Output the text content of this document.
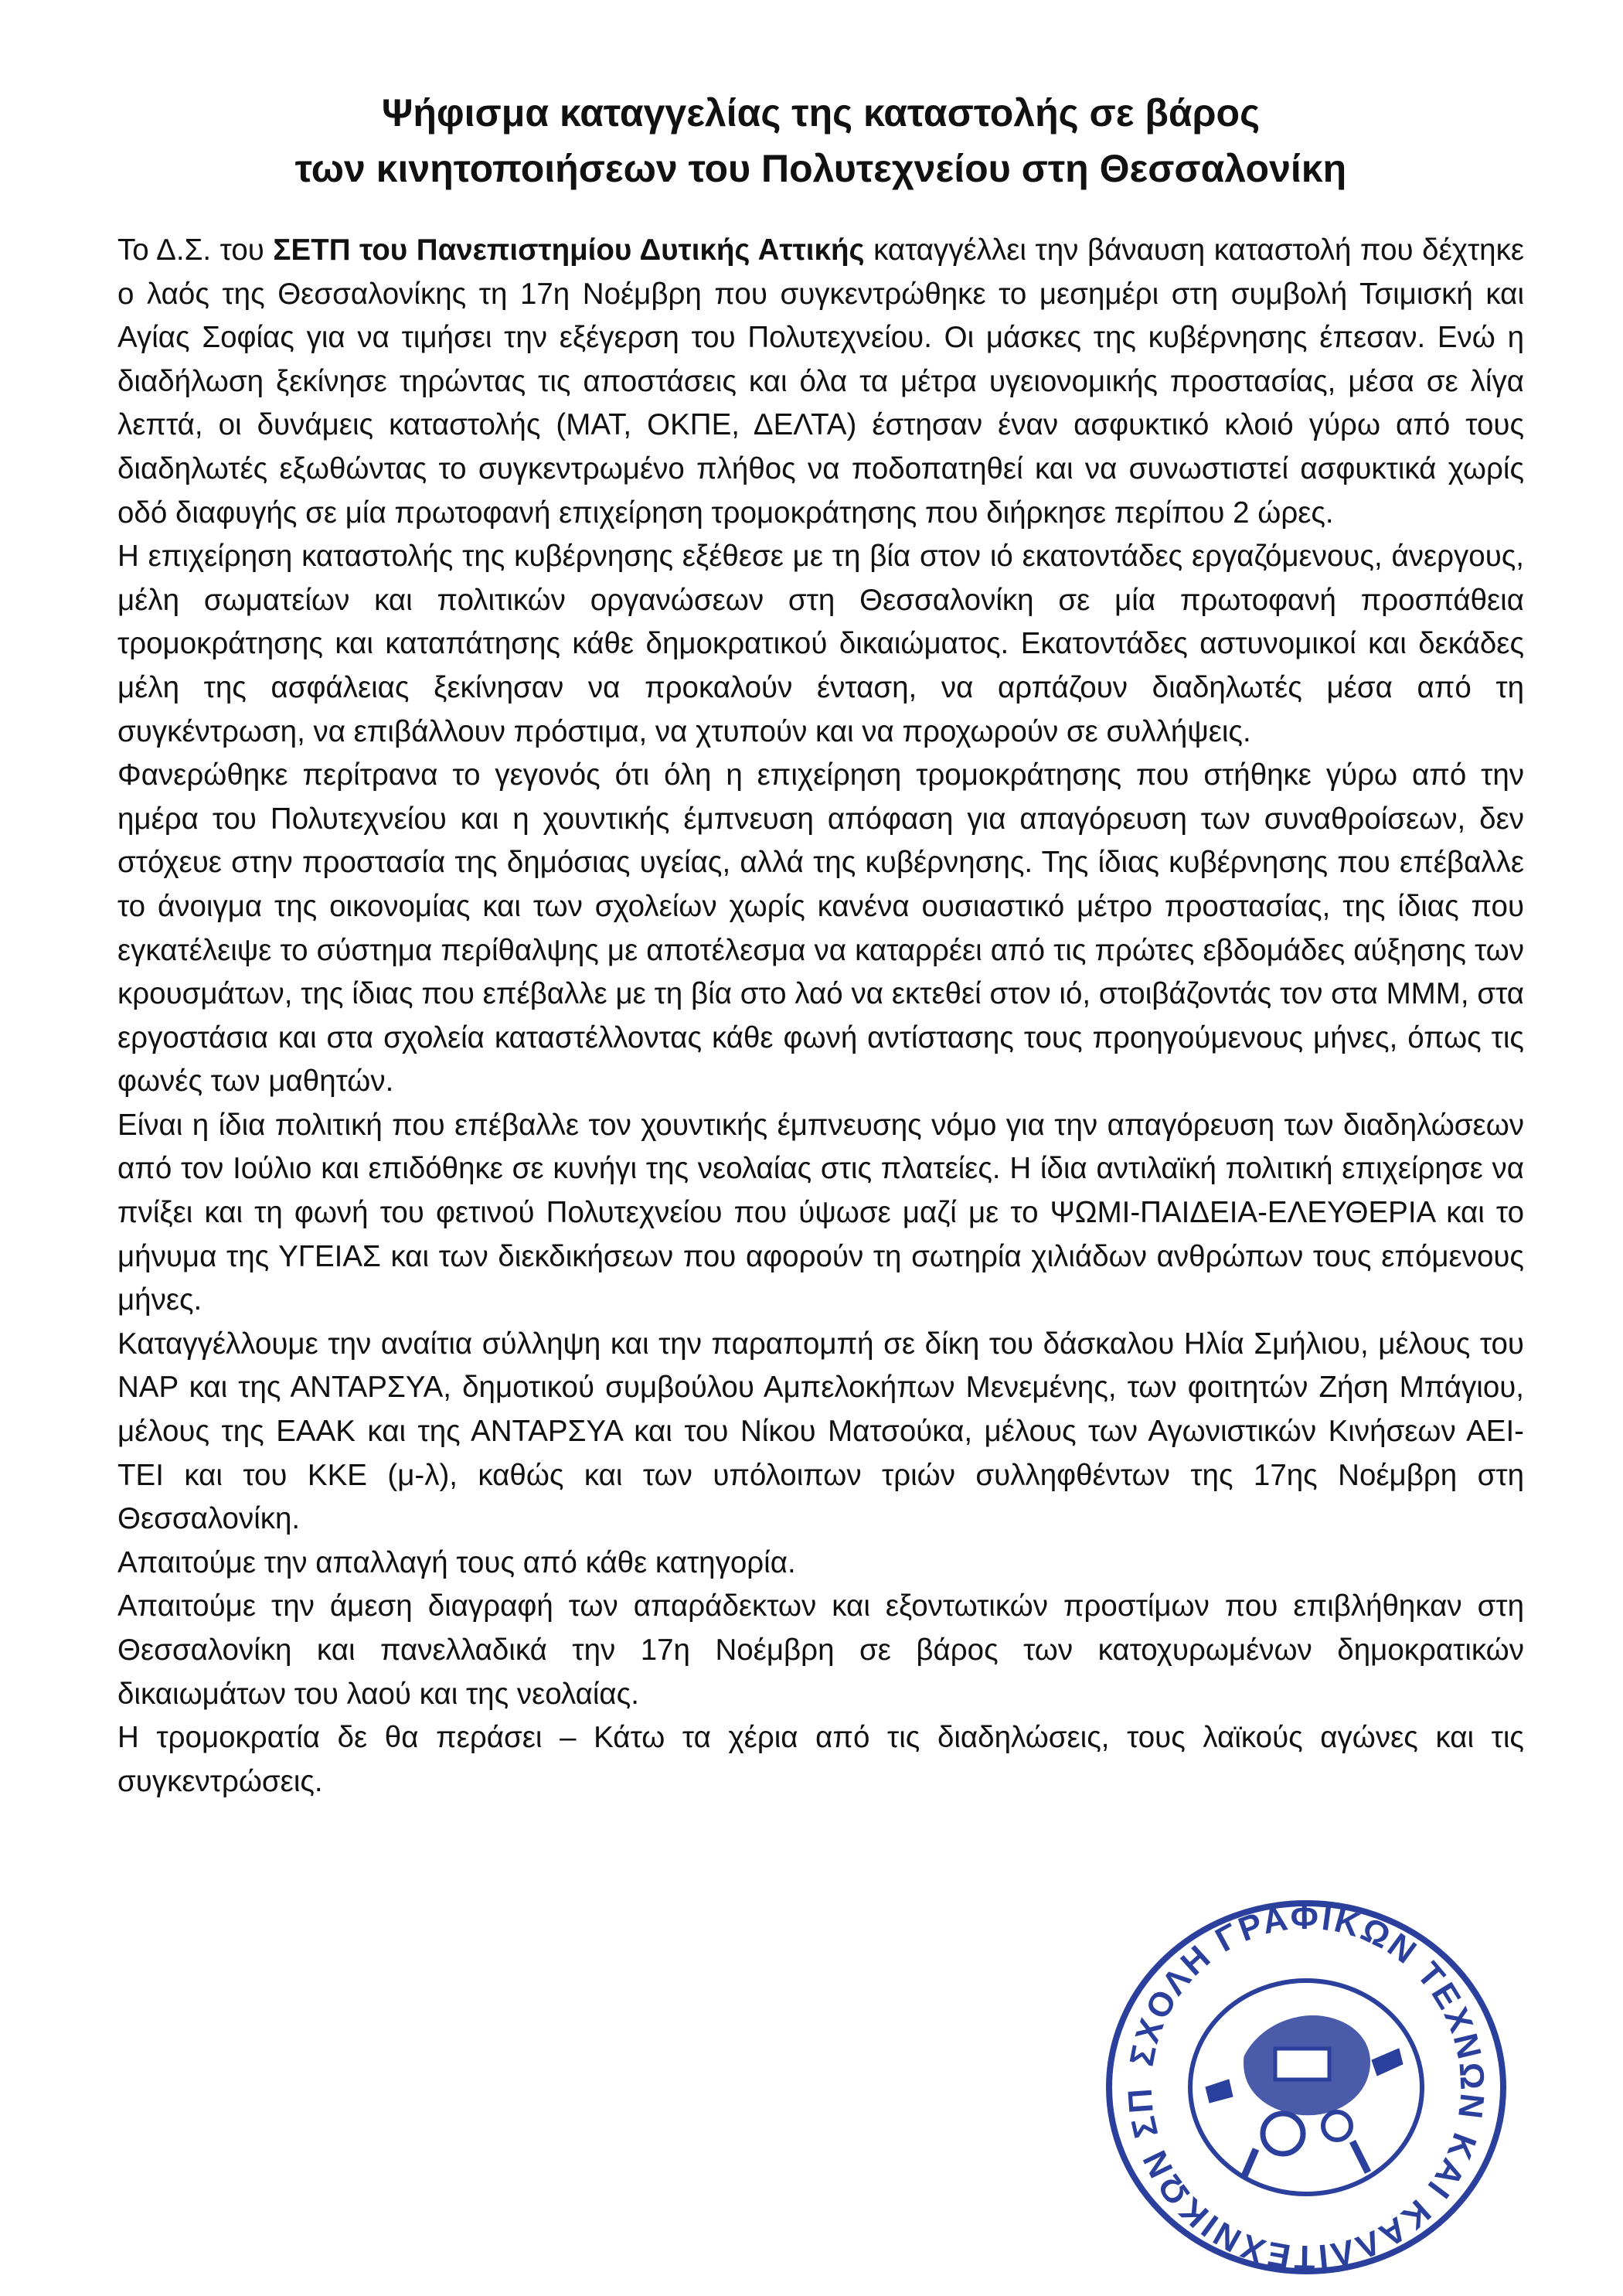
Ψήφισμα καταγγελίας της καταστολής σε βάρος
των κινητοποιήσεων του Πολυτεχνείου στη Θεσσαλονίκη

Το Δ.Σ. του ΣΕΤΠ του Πανεπιστημίου Δυτικής Αττικής καταγγέλλει την βάναυση καταστολή που δέχτηκε ο λαός της Θεσσαλονίκης τη 17η Νοέμβρη που συγκεντρώθηκε το μεσημέρι στη συμβολή Τσιμισκή και Αγίας Σοφίας για να τιμήσει την εξέγερση του Πολυτεχνείου. Οι μάσκες της κυβέρνησης έπεσαν. Ενώ η διαδήλωση ξεκίνησε τηρώντας τις αποστάσεις και όλα τα μέτρα υγειονομικής προστασίας, μέσα σε λίγα λεπτά, οι δυνάμεις καταστολής (ΜΑΤ, ΟΚΠΕ, ΔΕΛΤΑ) έστησαν έναν ασφυκτικό κλοιό γύρω από τους διαδηλωτές εξωθώντας το συγκεντρωμένο πλήθος να ποδοπατηθεί και να συνωστιστεί ασφυκτικά χωρίς οδό διαφυγής σε μία πρωτοφανή επιχείρηση τρομοκράτησης που διήρκησε περίπου 2 ώρες.

Η επιχείρηση καταστολής της κυβέρνησης εξέθεσε με τη βία στον ιό εκατοντάδες εργαζόμενους, άνεργους, μέλη σωματείων και πολιτικών οργανώσεων στη Θεσσαλονίκη σε μία πρωτοφανή προσπάθεια τρομοκράτησης και καταπάτησης κάθε δημοκρατικού δικαιώματος. Εκατοντάδες αστυνομικοί και δεκάδες μέλη της ασφάλειας ξεκίνησαν να προκαλούν ένταση, να αρπάζουν διαδηλωτές μέσα από τη συγκέντρωση, να επιβάλλουν πρόστιμα, να χτυπούν και να προχωρούν σε συλλήψεις.

Φανερώθηκε περίτρανα το γεγονός ότι όλη η επιχείρηση τρομοκράτησης που στήθηκε γύρω από την ημέρα του Πολυτεχνείου και η χουντικής έμπνευση απόφαση για απαγόρευση των συναθροίσεων, δεν στόχευε στην προστασία της δημόσιας υγείας, αλλά της κυβέρνησης. Της ίδιας κυβέρνησης που επέβαλλε το άνοιγμα της οικονομίας και των σχολείων χωρίς κανένα ουσιαστικό μέτρο προστασίας, της ίδιας που εγκατέλειψε το σύστημα περίθαλψης με αποτέλεσμα να καταρρέει από τις πρώτες εβδομάδες αύξησης των κρουσμάτων, της ίδιας που επέβαλλε με τη βία στο λαό να εκτεθεί στον ιό, στοιβάζοντάς τον στα ΜΜΜ, στα εργοστάσια και στα σχολεία καταστέλλοντας κάθε φωνή αντίστασης τους προηγούμενους μήνες, όπως τις φωνές των μαθητών.

Είναι η ίδια πολιτική που επέβαλλε τον χουντικής έμπνευσης νόμο για την απαγόρευση των διαδηλώσεων από τον Ιούλιο και επιδόθηκε σε κυνήγι της νεολαίας στις πλατείες. Η ίδια αντιλαϊκή πολιτική επιχείρησε να πνίξει και τη φωνή του φετινού Πολυτεχνείου που ύψωσε μαζί με το ΨΩΜΙ-ΠΑΙΔΕΙΑ-ΕΛΕΥΘΕΡΙΑ και το μήνυμα της ΥΓΕΙΑΣ και των διεκδικήσεων που αφορούν τη σωτηρία χιλιάδων ανθρώπων τους επόμενους μήνες.

Καταγγέλλουμε την αναίτια σύλληψη και την παραπομπή σε δίκη του δάσκαλου Ηλία Σμήλιου, μέλους του ΝΑΡ και της ΑΝΤΑΡΣΥΑ, δημοτικού συμβούλου Αμπελοκήπων Μενεμένης, των φοιτητών Ζήση Μπάγιου, μέλους της ΕΑΑΚ και της ΑΝΤΑΡΣΥΑ και του Νίκου Ματσούκα, μέλους των Αγωνιστικών Κινήσεων ΑΕΙ- ΤΕΙ και του ΚΚΕ (μ-λ), καθώς και των υπόλοιπων τριών συλληφθέντων της 17ης Νοέμβρη στη Θεσσαλονίκη.

Απαιτούμε την απαλλαγή τους από κάθε κατηγορία.

Απαιτούμε την άμεση διαγραφή των απαράδεκτων και εξοντωτικών προστίμων που επιβλήθηκαν στη Θεσσαλονίκη και πανελλαδικά την 17η Νοέμβρη σε βάρος των κατοχυρωμένων δημοκρατικών δικαιωμάτων του λαού και της νεολαίας.

Η τρομοκρατία δε θα περάσει – Κάτω τα χέρια από τις διαδηλώσεις, τους λαϊκούς αγώνες και τις συγκεντρώσεις.

ΣΧΟΛΗ ΓΡΑΦΙΚΩΝ ΤΕΧΝΩΝ ΚΑΙ ΚΑΛΛΙΤΕΧΝΙΚΩΝ ΣΠ
